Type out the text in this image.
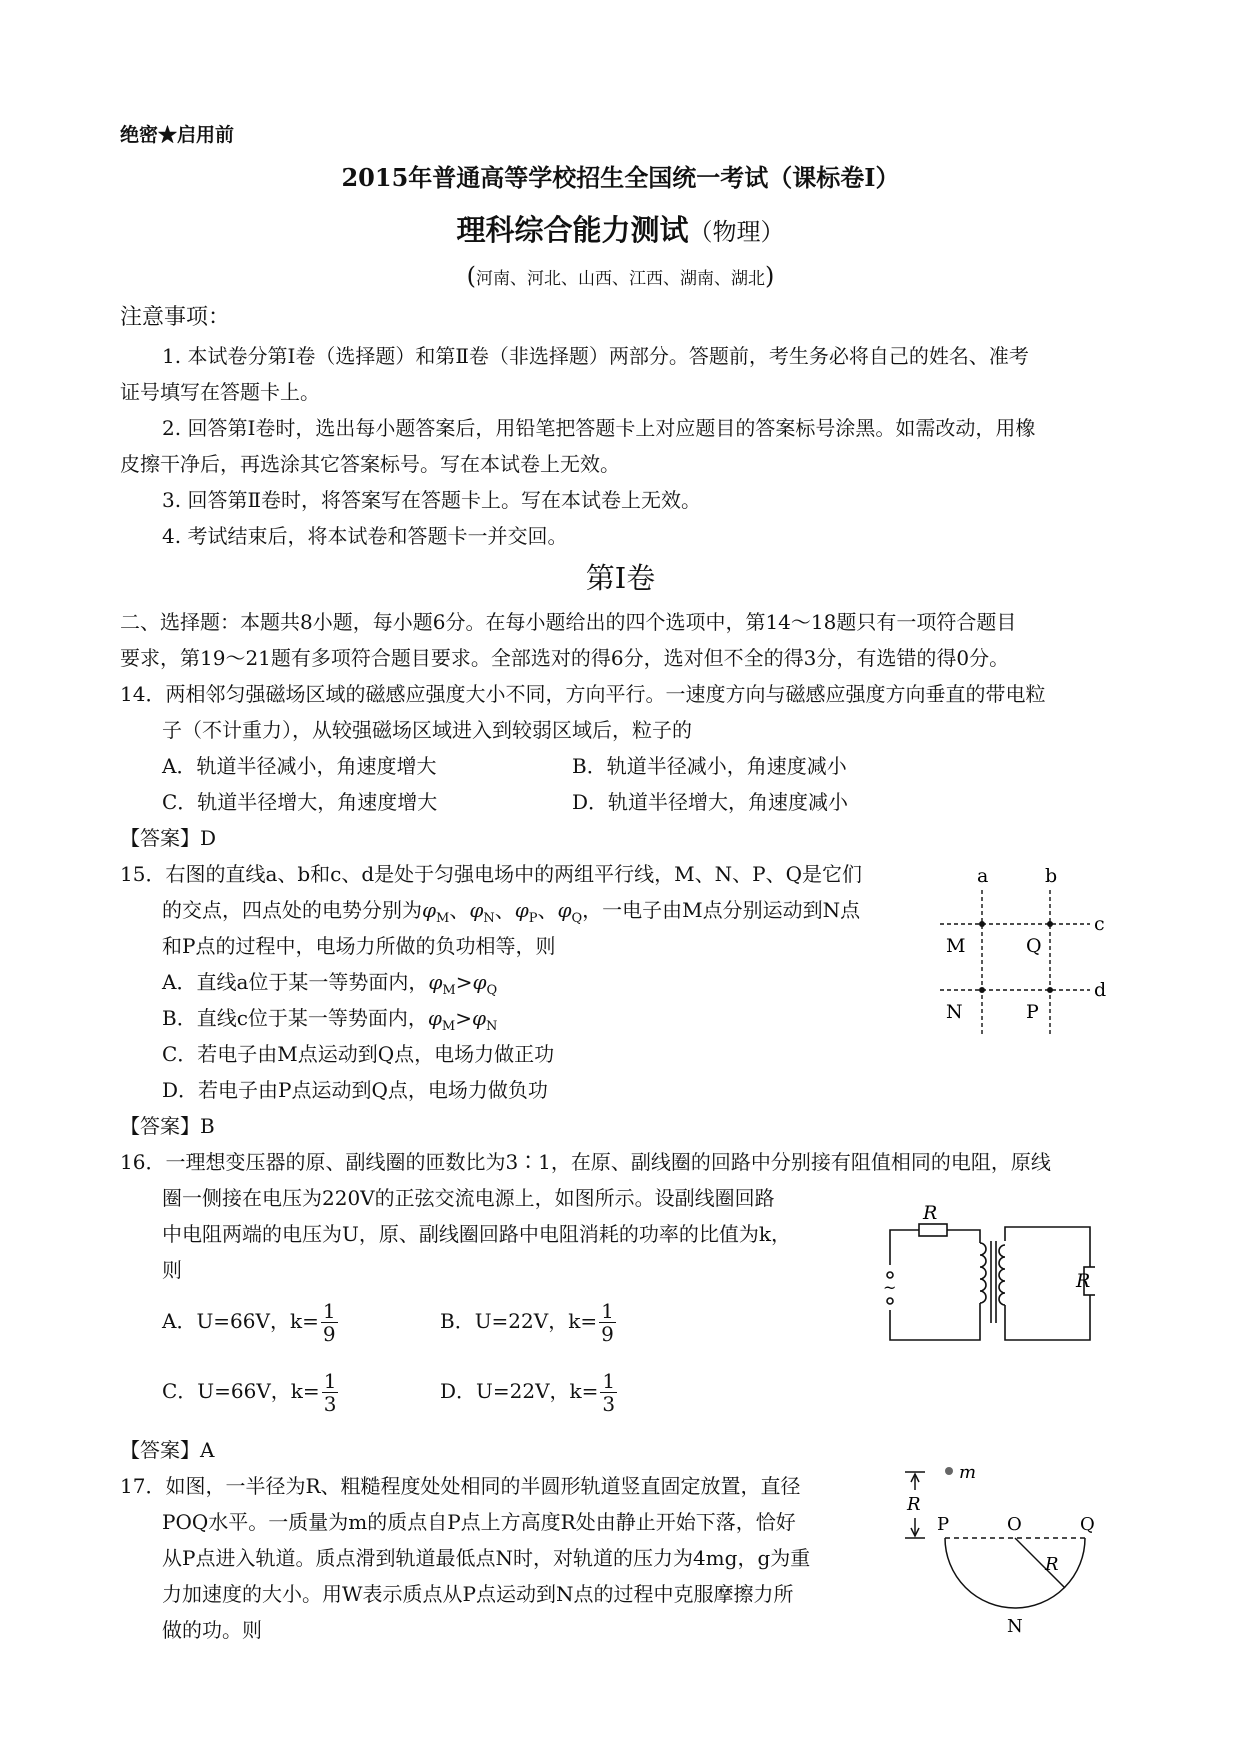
绝密★启用前
2015年普通高等学校招生全国统一考试（课标卷I）
理科综合能力测试（物理）
(河南、河北、山西、江西、湖南、湖北)
注意事项：
1. 本试卷分第Ⅰ卷（选择题）和第Ⅱ卷（非选择题）两部分。答题前，考生务必将自己的姓名、准考
证号填写在答题卡上。
2. 回答第Ⅰ卷时，选出每小题答案后，用铅笔把答题卡上对应题目的答案标号涂黑。如需改动，用橡
皮擦干净后，再选涂其它答案标号。写在本试卷上无效。
3. 回答第Ⅱ卷时，将答案写在答题卡上。写在本试卷上无效。
4. 考试结束后，将本试卷和答题卡一并交回。
第Ⅰ卷
二、选择题：本题共8小题，每小题6分。在每小题给出的四个选项中，第14～18题只有一项符合题目
要求，第19～21题有多项符合题目要求。全部选对的得6分，选对但不全的得3分，有选错的得0分。
14．两相邻匀强磁场区域的磁感应强度大小不同，方向平行。一速度方向与磁感应强度方向垂直的带电粒
子（不计重力），从较强磁场区域进入到较弱区域后，粒子的
A．轨道半径减小，角速度增大	B．轨道半径减小，角速度减小
C．轨道半径增大，角速度增大	D．轨道半径增大，角速度减小
【答案】D
15．右图的直线a、b和c、d是处于匀强电场中的两组平行线，M、N、P、Q是它们
的交点，四点处的电势分别为$\varphi_M$、$\varphi_N$、$\varphi_P$、$\varphi_Q$，一电子由M点分别运动到N点
和P点的过程中，电场力所做的负功相等，则
A．直线a位于某一等势面内，$\varphi_M>\varphi_Q$
B．直线c位于某一等势面内，$\varphi_M>\varphi_N$
C．若电子由M点运动到Q点，电场力做正功
D．若电子由P点运动到Q点，电场力做负功
【答案】B
a	b
c
d
M	Q
N	P
16．一理想变压器的原、副线圈的匝数比为3∶1，在原、副线圈的回路中分别接有阻值相同的电阻，原线
圈一侧接在电压为220V的正弦交流电源上，如图所示。设副线圈回路
中电阻两端的电压为U，原、副线圈回路中电阻消耗的功率的比值为k，
则
A．U=66V，$k= \frac{1}{9}$	B．U=22V，$k= \frac{1}{9}$
C．U=66V，$k= \frac{1}{3}$	D．U=22V，$k= \frac{1}{3}$
【答案】A
~
R
R
17．如图，一半径为R、粗糙程度处处相同的半圆形轨道竖直固定放置，直径
POQ水平。一质量为m的质点自P点上方高度R处由静止开始下落，恰好
从P点进入轨道。质点滑到轨道最低点N时，对轨道的压力为4mg，g为重
力加速度的大小。用W表示质点从P点运动到N点的过程中克服摩擦力所
做的功。则
m
R
P	O	Q
R
N
